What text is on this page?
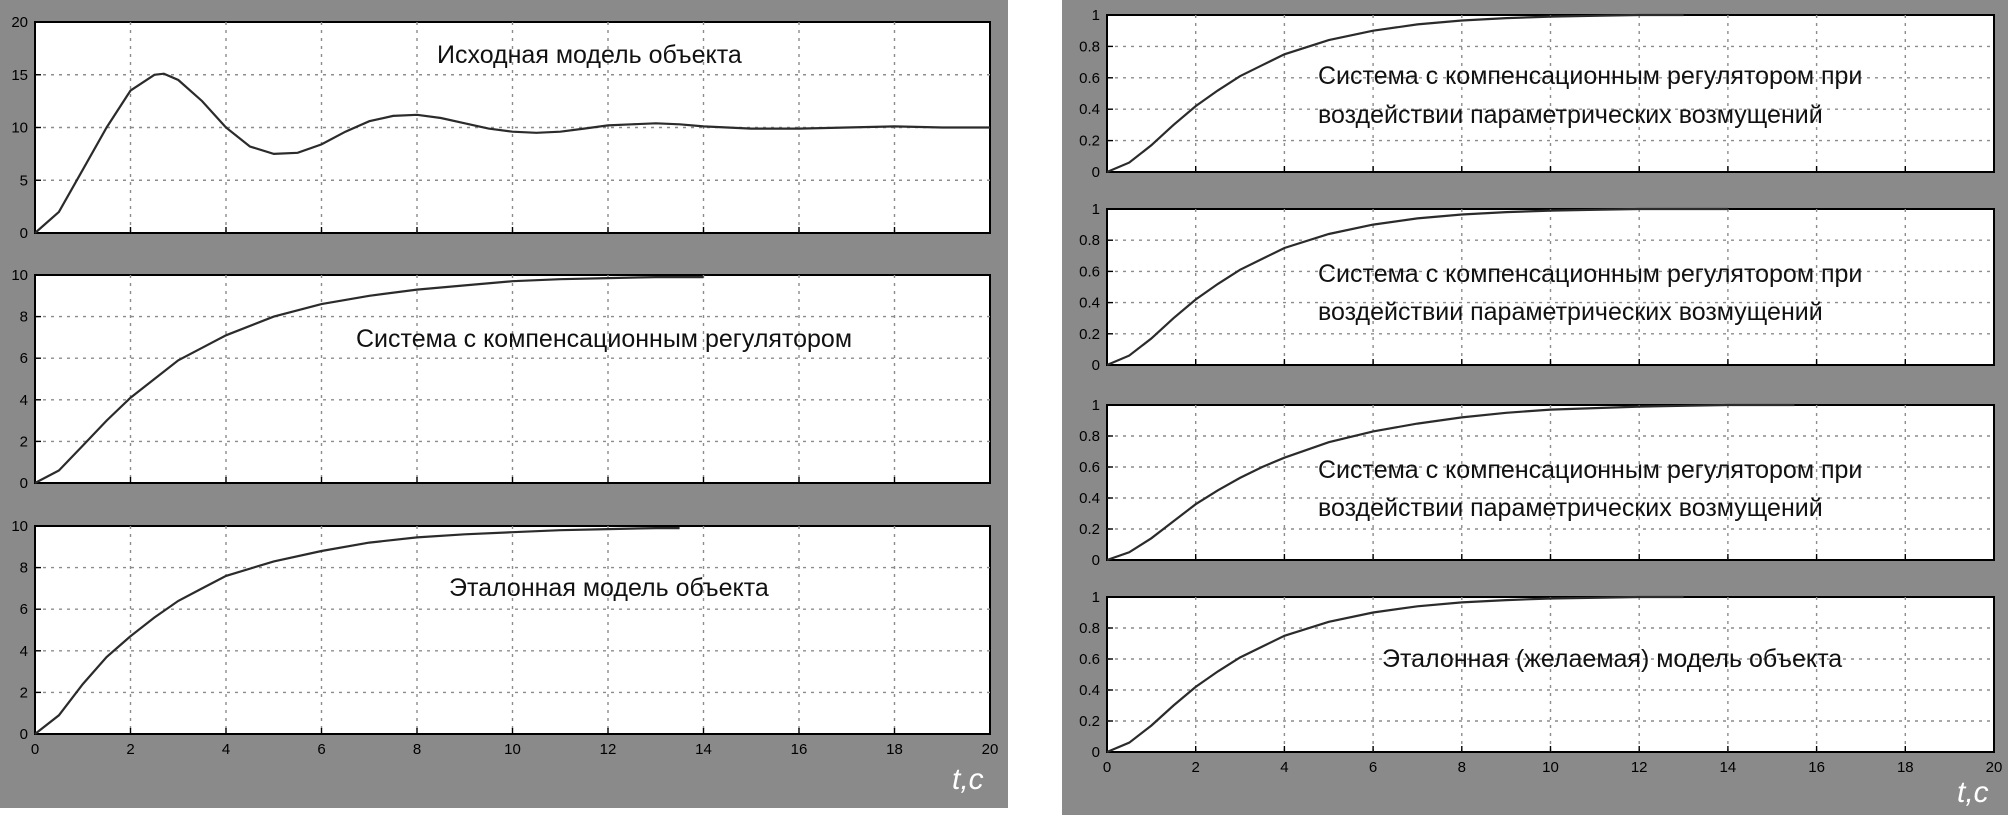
0
5
10
15
20
Исходная модель объекта
0
2
4
6
8
10
Система с компенсационным регулятором
0
2
4
6
8
10
0	2	4	6	8	10	12	14	16	18	20
Эталонная модель объекта
t,c
0
0.2
0.4
0.6
0.8
1
Система с компенсационным регулятором при
воздействии параметрических возмущений
0
0.2
0.4
0.6
0.8
1
Система с компенсационным регулятором при
воздействии параметрических возмущений
0
0.2
0.4
0.6
0.8
1
Система с компенсационным регулятором при
воздействии параметрических возмущений
0
0.2
0.4
0.6
0.8
1
0	2	4	6	8	10	12	14	16	18	20
Эталонная (желаемая) модель объекта
t,c
